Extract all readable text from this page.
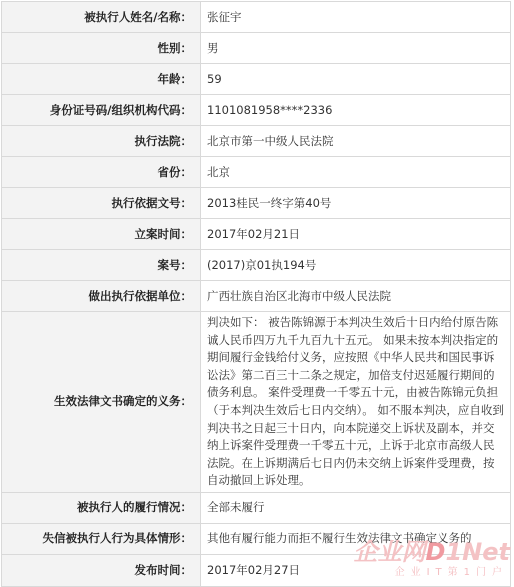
被执行人姓名/名称：	张征宇
性别：	男
年龄：	59
身份证号码/组织机构代码：	1101081958****2336
执行法院：	北京市第一中级人民法院
省份：	北京
执行依据文号：	2013桂民一终字第40号
立案时间：	2017年02月21日
案号：	(2017)京01执194号
做出执行依据单位：	广西壮族自治区北海市中级人民法院
生效法律文书确定的义务：	判决如下： 被告陈锦源于本判决生效后十日内给付原告陈诚人民币四万九千九百九十五元。 如果未按本判决指定的期间履行金钱给付义务，应按照《中华人民共和国民事诉讼法》第二百三十二条之规定，加倍支付迟延履行期间的债务利息。 案件受理费一千零五十元，由被告陈锦元负担（于本判决生效后七日内交纳）。 如不服本判决，应自收到判决书之日起三十日内，向本院递交上诉状及副本，并交纳上诉案件受理费一千零五十元，上诉于北京市高级人民法院。在上诉期满后七日内仍未交纳上诉案件受理费，按自动撤回上诉处理。
被执行人的履行情况：	全部未履行
失信被执行人行为具体情形：	其他有履行能力而拒不履行生效法律文书确定义务的
发布时间：	2017年02月27日
企业网D1Net
企业IT第1门户
